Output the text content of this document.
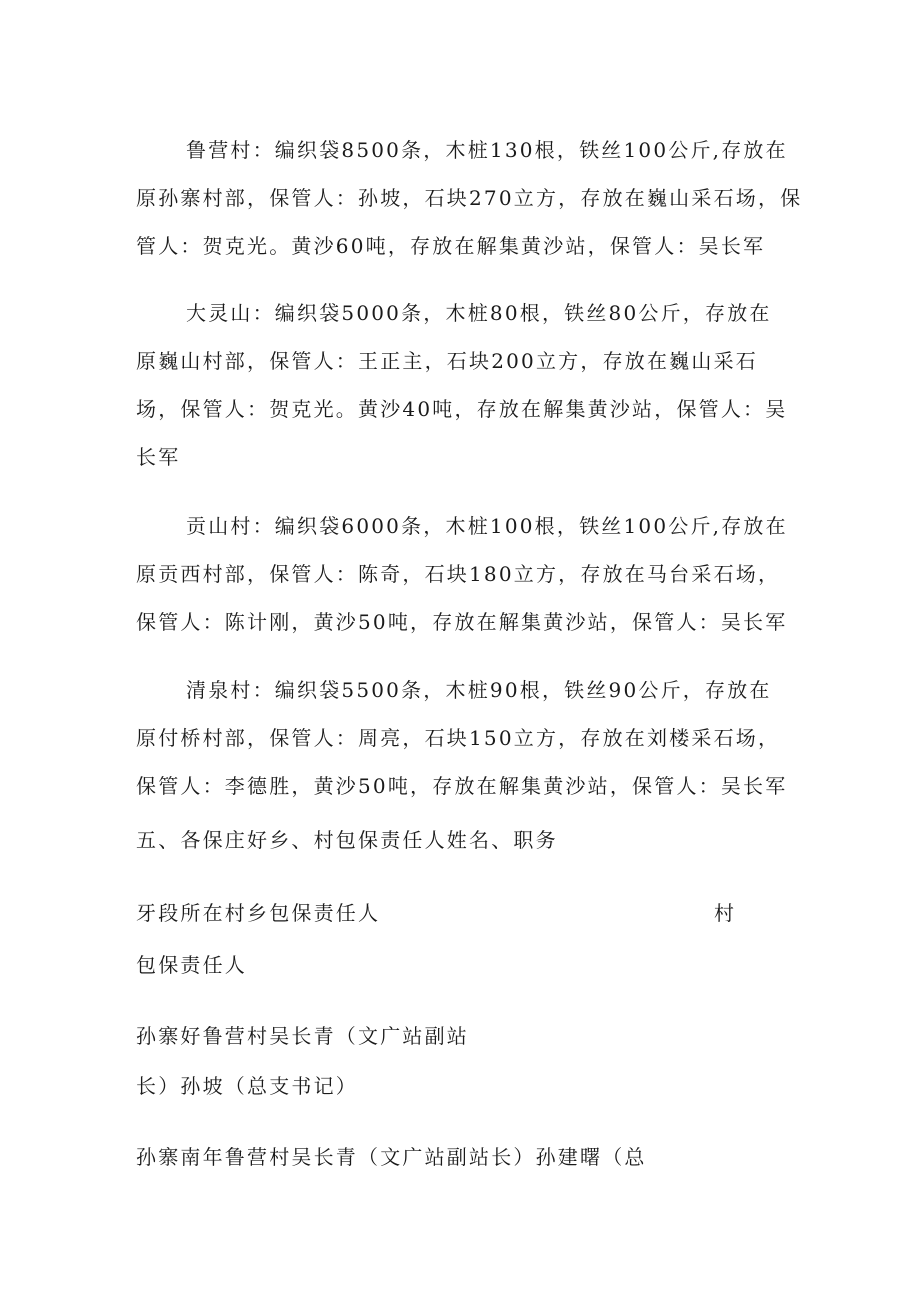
鲁营村：编织袋8500条，木桩130根，铁丝100公斤,存放在
原孙寨村部，保管人：孙坡，石块270立方，存放在巍山采石场，保
管人：贺克光。黄沙60吨，存放在解集黄沙站，保管人：吴长军
大灵山：编织袋5000条，木桩80根，铁丝80公斤，存放在
原巍山村部，保管人：王正主，石块200立方，存放在巍山采石
场，保管人：贺克光。黄沙40吨，存放在解集黄沙站，保管人：吴
长军
贡山村：编织袋6000条，木桩100根，铁丝100公斤,存放在
原贡西村部，保管人：陈奇，石块180立方，存放在马台采石场，
保管人：陈计刚，黄沙50吨，存放在解集黄沙站，保管人：吴长军
清泉村：编织袋5500条，木桩90根，铁丝90公斤，存放在
原付桥村部，保管人：周亮，石块150立方，存放在刘楼采石场，
保管人：李德胜，黄沙50吨，存放在解集黄沙站，保管人：吴长军
五、各保庄好乡、村包保责任人姓名、职务
牙段所在村乡包保责任人	村
包保责任人
孙寨好鲁营村吴长青（文广站副站
长）孙坡（总支书记）
孙寨南年鲁营村吴长青（文广站副站长）孙建曙（总
